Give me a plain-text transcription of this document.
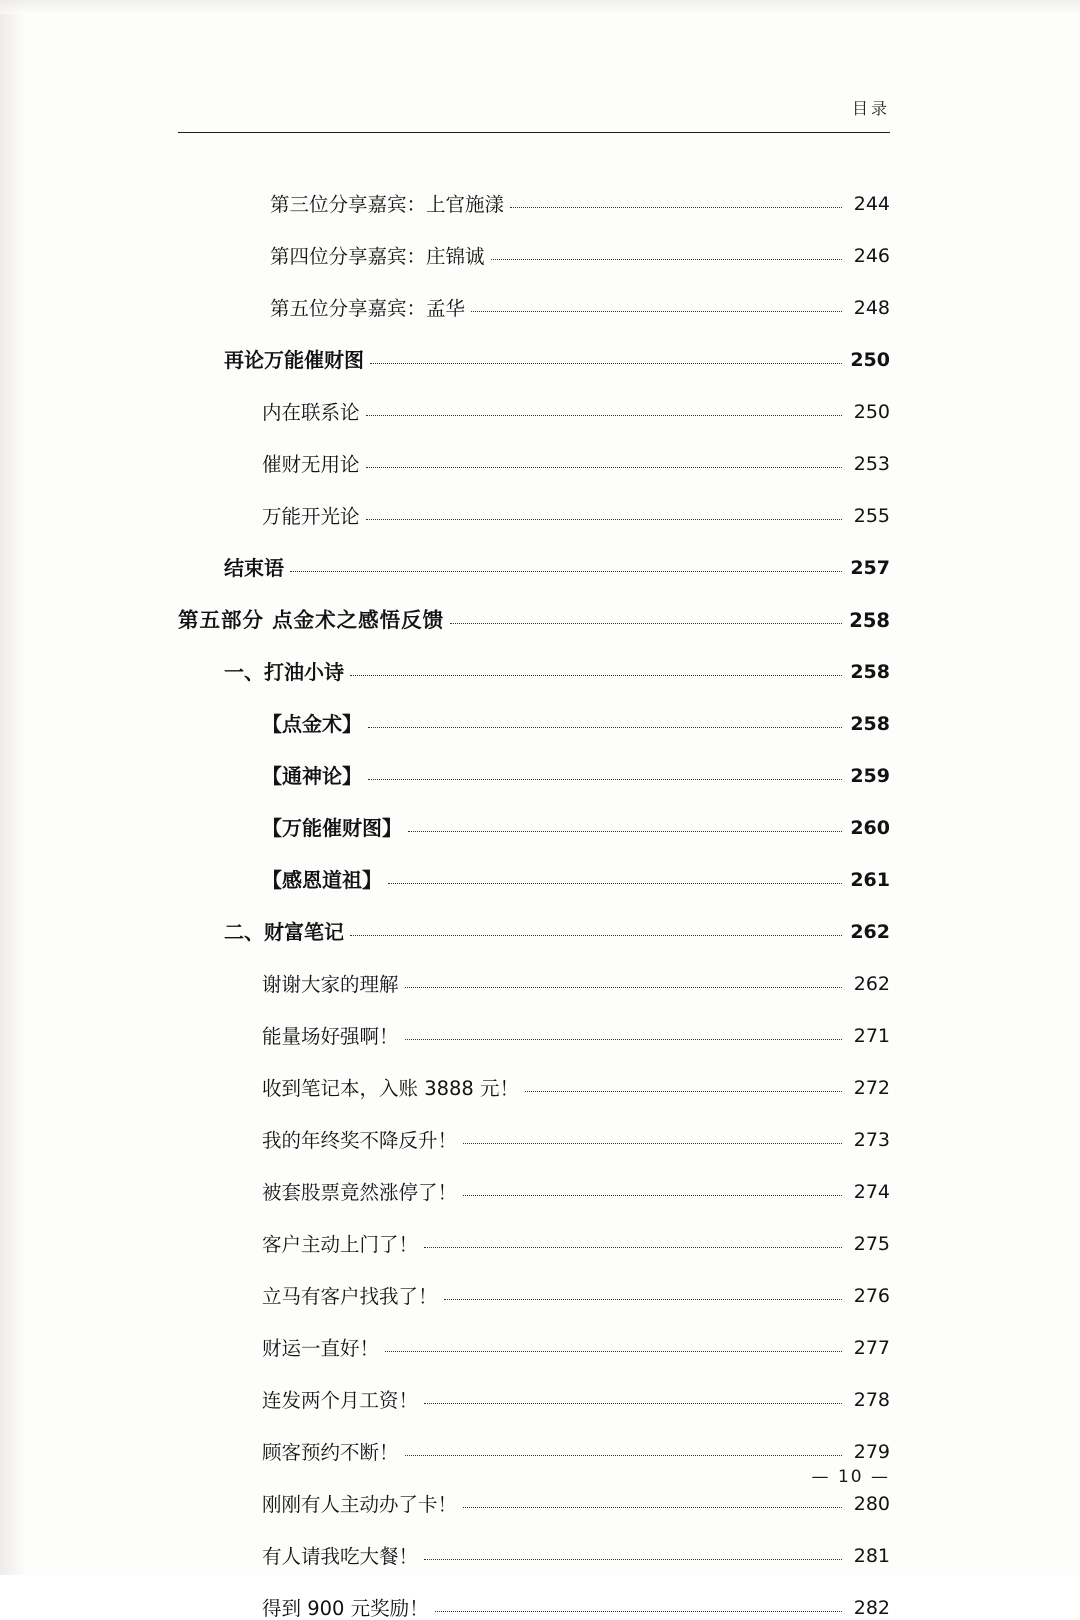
目录
第三位分享嘉宾：上官施漾	244
第四位分享嘉宾：庄锦诚	246
第五位分享嘉宾：孟华	248
再论万能催财图	250
内在联系论	250
催财无用论	253
万能开光论	255
结束语	257
第五部分 点金术之感悟反馈	258
一、打油小诗	258
【点金术】	258
【通神论】	259
【万能催财图】	260
【感恩道祖】	261
二、财富笔记	262
谢谢大家的理解	262
能量场好强啊！	271
收到笔记本，入账 3888 元！	272
我的年终奖不降反升！	273
被套股票竟然涨停了！	274
客户主动上门了！	275
立马有客户找我了！	276
财运一直好！	277
连发两个月工资！	278
顾客预约不断！	279
刚刚有人主动办了卡！	280
有人请我吃大餐！	281
得到 900 元奖励！	282
— 10 —
